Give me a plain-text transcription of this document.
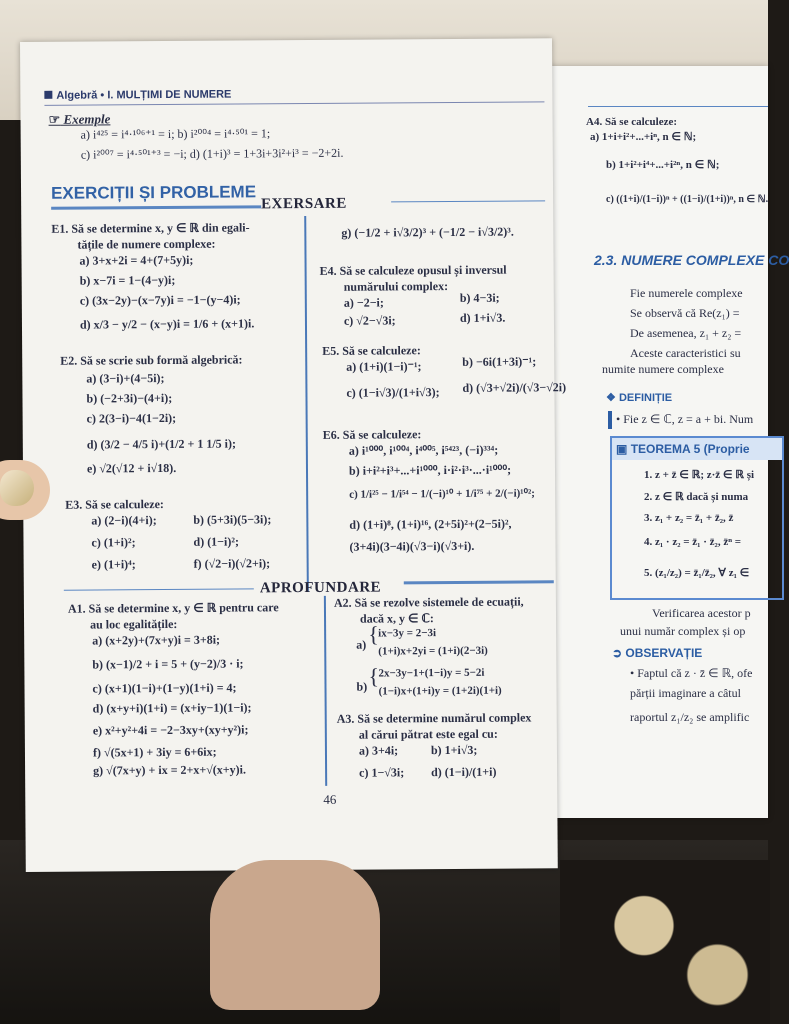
A4. Să se calculeze:
a) 1+i+i²+...+iⁿ, n ∈ ℕ;
b) 1+i²+i⁴+...+i²ⁿ, n ∈ ℕ;
c) ((1+i)/(1−i))ⁿ + ((1−i)/(1+i))ⁿ, n ∈ ℕ.
2.3. NUMERE COMPLEXE CO
Fie numerele complexe
Se observă că Re(z₁) =
De asemenea, z₁ + z₂ =
Aceste caracteristici su
numite numere complexe
❖ DEFINIȚIE
• Fie z ∈ ℂ, z = a + bi. Num
▣ TEOREMA 5 (Proprie
1. z + z̄ ∈ ℝ; z·z̄ ∈ ℝ și
2. z ∈ ℝ dacă și numa
3. z₁ + z₂ = z̄₁ + z̄₂, z̄
4. z₁ · z₂ = z̄₁ · z̄₂, z̄ⁿ =
5. (z₁/z₂) = z̄₁/z̄₂, ∀ z₁ ∈
Verificarea acestor p
unui număr complex și op
➲ OBSERVAȚIE
• Faptul că z · z̄ ∈ ℝ, ofe
părții imaginare a câtul
raportul z₁/z₂ se amplific
Algebră • I. MULȚIMI DE NUMERE
☞ Exemple
a) i⁴²⁵ = i⁴·¹⁰⁶⁺¹ = i; b) i²⁰⁰⁴ = i⁴·⁵⁰¹ = 1;
c) i²⁰⁰⁷ = i⁴·⁵⁰¹⁺³ = −i; d) (1+i)³ = 1+3i+3i²+i³ = −2+2i.
EXERCIȚII ȘI PROBLEME
EXERSARE
E1. Să se determine x, y ∈ ℝ din egali-
tățile de numere complexe:
a) 3+x+2i = 4+(7+5y)i;
b) x−7i = 1−(4−y)i;
c) (3x−2y)−(x−7y)i = −1−(y−4)i;
d) x/3 − y/2 − (x−y)i = 1/6 + (x+1)i.
E2. Să se scrie sub formă algebrică:
a) (3−i)+(4−5i);
b) (−2+3i)−(4+i);
c) 2(3−i)−4(1−2i);
d) (3/2 − 4/5 i)+(1/2 + 1 1/5 i);
e) √2(√12 + i√18).
E3. Să se calculeze:
a) (2−i)(4+i);	b) (5+3i)(5−3i);
c) (1+i)²;	d) (1−i)²;
e) (1+i)⁴;	f) (√2−i)(√2+i);
g) (−1/2 + i√3/2)³ + (−1/2 − i√3/2)³.
E4. Să se calculeze opusul și inversul
numărului complex:
a) −2−i;	b) 4−3i;
c) √2−√3i;	d) 1+i√3.
E5. Să se calculeze:
a) (1+i)(1−i)⁻¹;	b) −6i(1+3i)⁻¹;
c) (1−i√3)/(1+i√3); d) (√3+√2i)/(√3−√2i)
E6. Să se calculeze:
a) i¹⁰⁰⁰, i¹⁰⁰⁴, i⁴⁰⁰⁵, i⁵⁴²³, (−i)³³⁴;
b) i+i²+i³+...+i¹⁰⁰⁰, i·i²·i³·...·i¹⁰⁰⁰;
c) 1/i²⁵ − 1/i⁵⁴ − 1/(−i)¹⁰ + 1/i⁷⁵ + 2/(−i)¹⁰²;
d) (1+i)⁸, (1+i)¹⁶, (2+5i)²+(2−5i)²,
(3+4i)(3−4i)(√3−i)(√3+i).
APROFUNDARE
A1. Să se determine x, y ∈ ℝ pentru care
au loc egalitățile:
a) (x+2y)+(7x+y)i = 3+8i;
b) (x−1)/2 + i = 5 + (y−2)/3 · i;
c) (x+1)(1−i)+(1−y)(1+i) = 4;
d) (x+y+i)(1+i) = (x+iy−1)(1−i);
e) x²+y²+4i = −2−3xy+(xy+y²)i;
f) √(5x+1) + 3iy = 6+6ix;
g) √(7x+y) + ix = 2+x+√(x+y)i.
A2. Să se rezolve sistemele de ecuații,
dacă x, y ∈ ℂ:
a) { ix−3y = 2−3i
(1+i)x+2yi = (1+i)(2−3i)
b) { 2x−3y−1+(1−i)y = 5−2i
(1−i)x+(1+i)y = (1+2i)(1+i)
A3. Să se determine numărul complex
al cărui pătrat este egal cu:
a) 3+4i;	b) 1+i√3;
c) 1−√3i; d) (1−i)/(1+i)
46
